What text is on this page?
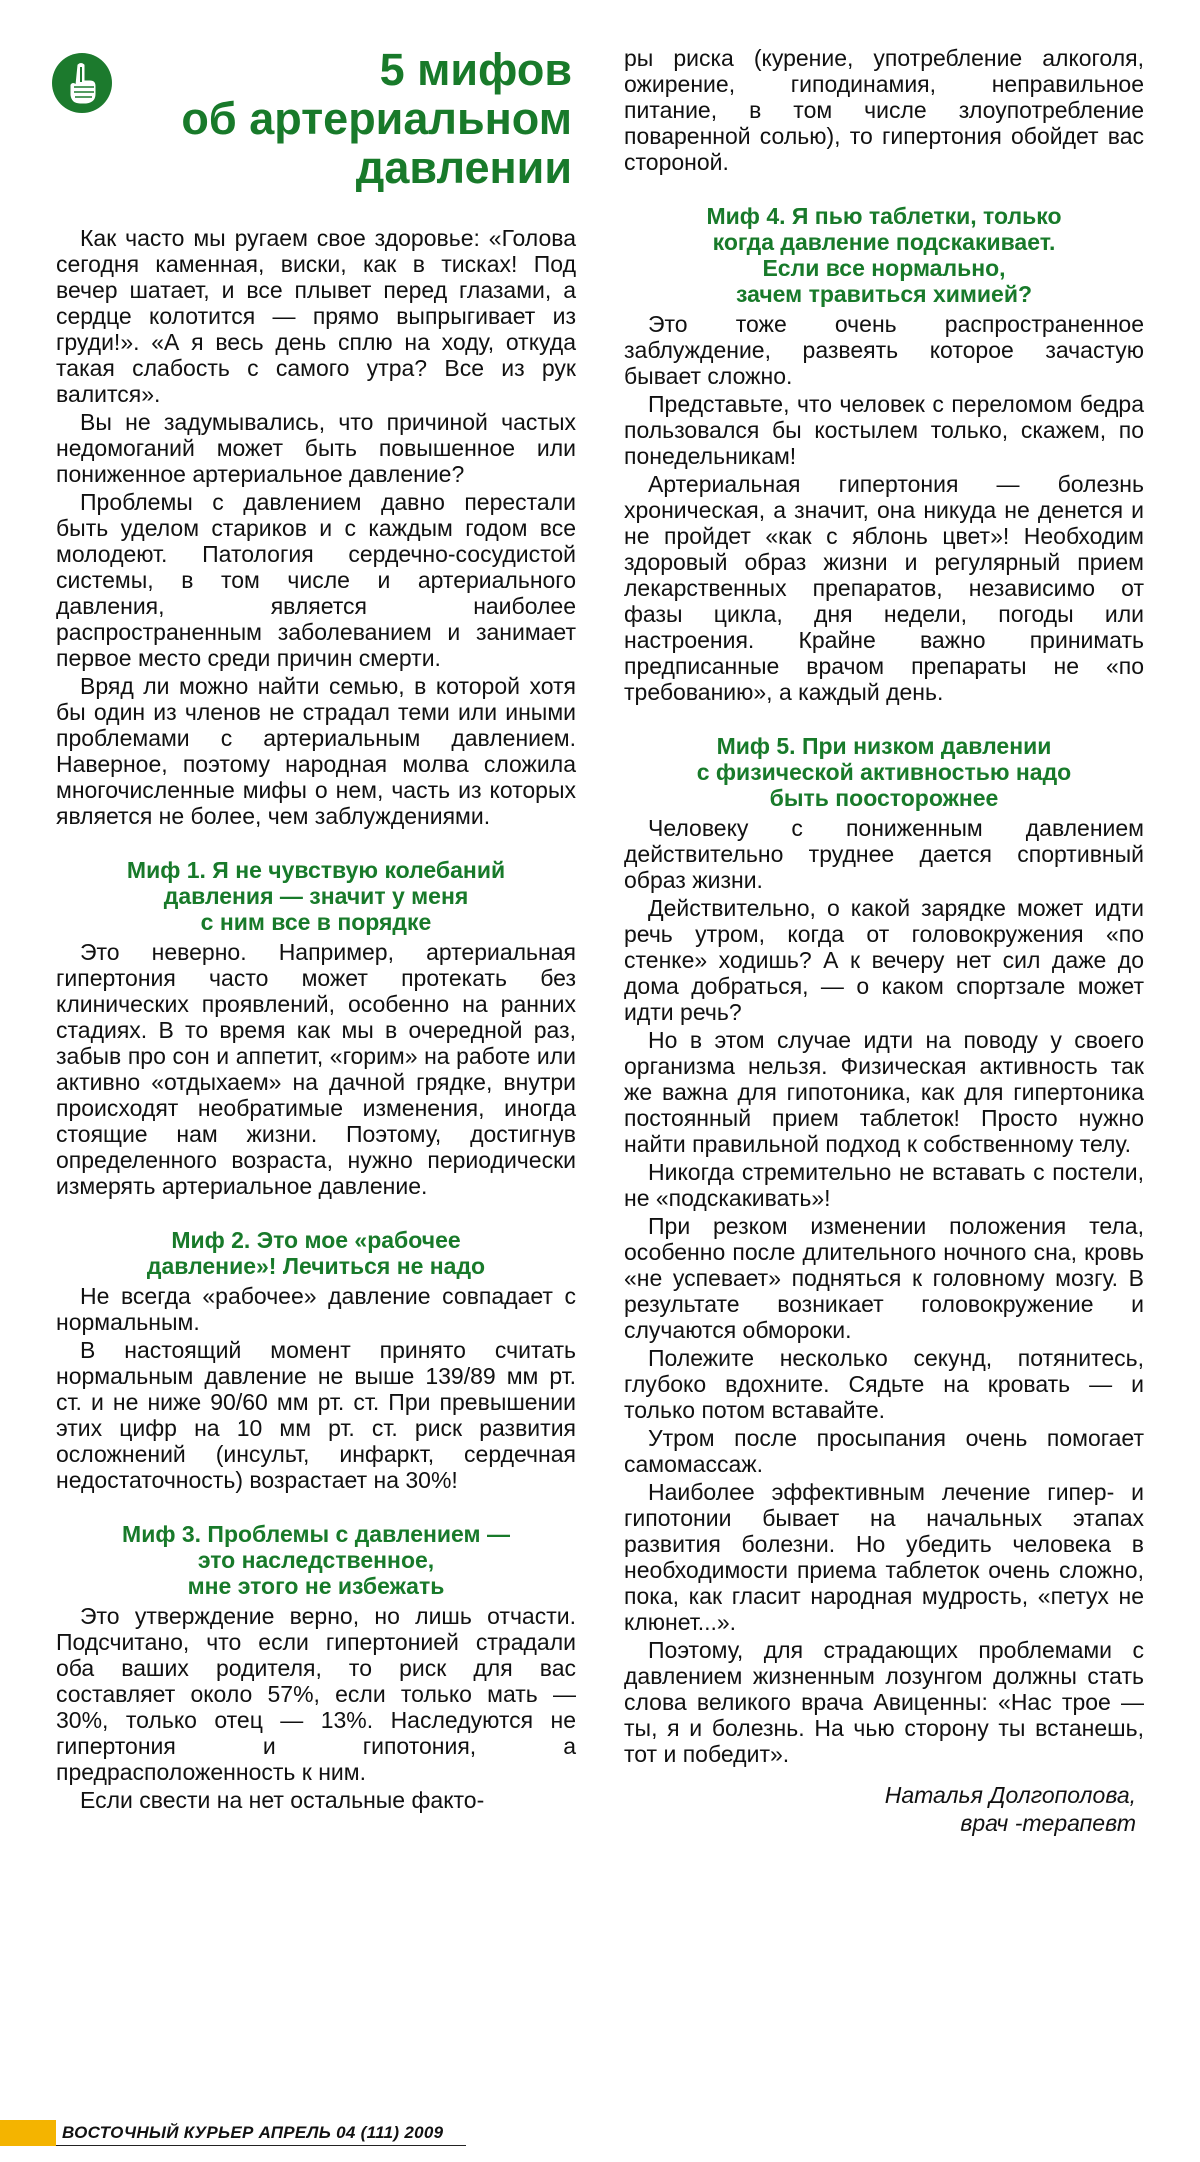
5 мифов
об артериальном
давлении

Как часто мы ругаем свое здоровье: «Голова сегодня каменная, виски, как в тисках! Под вечер шатает, и все плывет перед глазами, а сердце колотится — прямо выпрыгивает из груди!». «А я весь день сплю на ходу, откуда такая слабость с самого утра? Все из рук валится».

Вы не задумывались, что причиной частых недомоганий может быть повышенное или пониженное артериальное давление?

Проблемы с давлением давно перестали быть уделом стариков и с каждым годом все молодеют. Патология сердечно-сосудистой системы, в том числе и артериального давления, является наиболее распространенным заболеванием и занимает первое место среди причин смерти.

Вряд ли можно найти семью, в которой хотя бы один из членов не страдал теми или иными проблемами с артериальным давлением. Наверное, поэтому народная молва сложила многочисленные мифы о нем, часть из которых является не более, чем заблуждениями.

Миф 1. Я не чувствую колебаний
давления — значит у меня
с ним все в порядке

Это неверно. Например, артериальная гипертония часто может протекать без клинических проявлений, особенно на ранних стадиях. В то время как мы в очередной раз, забыв про сон и аппетит, «горим» на работе или активно «отдыхаем» на дачной грядке, внутри происходят необратимые изменения, иногда стоящие нам жизни. Поэтому, достигнув определенного возраста, нужно периодически измерять артериальное давление.

Миф 2. Это мое «рабочее
давление»! Лечиться не надо

Не всегда «рабочее» давление совпадает с нормальным.

В настоящий момент принято считать нормальным давление не выше 139/89 мм рт. ст. и не ниже 90/60 мм рт. ст. При превышении этих цифр на 10 мм рт. ст. риск развития осложнений (инсульт, инфаркт, сердечная недостаточность) возрастает на 30%!

Миф 3. Проблемы с давлением —
это наследственное,
мне этого не избежать

Это утверждение верно, но лишь отчасти. Подсчитано, что если гипертонией страдали оба ваших родителя, то риск для вас составляет около 57%, если только мать — 30%, только отец — 13%. Наследуются не гипертония и гипотония, а предрасположенность к ним.

Если свести на нет остальные факто-

ры риска (курение, употребление алкоголя, ожирение, гиподинамия, неправильное питание, в том числе злоупотребление поваренной солью), то гипертония обойдет вас стороной.

Миф 4. Я пью таблетки, только
когда давление подскакивает.
Если все нормально,
зачем травиться химией?

Это тоже очень распространенное заблуждение, развеять которое зачастую бывает сложно.

Представьте, что человек с переломом бедра пользовался бы костылем только, скажем, по понедельникам!

Артериальная гипертония — болезнь хроническая, а значит, она никуда не денется и не пройдет «как с яблонь цвет»! Необходим здоровый образ жизни и регулярный прием лекарственных препаратов, независимо от фазы цикла, дня недели, погоды или настроения. Крайне важно принимать предписанные врачом препараты не «по требованию», а каждый день.

Миф 5. При низком давлении
с физической активностью надо
быть поосторожнее

Человеку с пониженным давлением действительно труднее дается спортивный образ жизни.

Действительно, о какой зарядке может идти речь утром, когда от головокружения «по стенке» ходишь? А к вечеру нет сил даже до дома добраться, — о каком спортзале может идти речь?

Но в этом случае идти на поводу у своего организма нельзя. Физическая активность так же важна для гипотоника, как для гипертоника постоянный прием таблеток! Просто нужно найти правильной подход к собственному телу.

Никогда стремительно не вставать с постели, не «подскакивать»!

При резком изменении положения тела, особенно после длительного ночного сна, кровь «не успевает» подняться к головному мозгу. В результате возникает головокружение и случаются обмороки.

Полежите несколько секунд, потянитесь, глубоко вдохните. Сядьте на кровать — и только потом вставайте.

Утром после просыпания очень помогает самомассаж.

Наиболее эффективным лечение гипер- и гипотонии бывает на начальных этапах развития болезни. Но убедить человека в необходимости приема таблеток очень сложно, пока, как гласит народная мудрость, «петух не клюнет...».

Поэтому, для страдающих проблемами с давлением жизненным лозунгом должны стать слова великого врача Авиценны: «Нас трое — ты, я и болезнь. На чью сторону ты встанешь, тот и победит».

Наталья Долгополова,
врач -терапевт
ВОСТОЧНЫЙ КУРЬЕР АПРЕЛЬ 04 (111) 2009
